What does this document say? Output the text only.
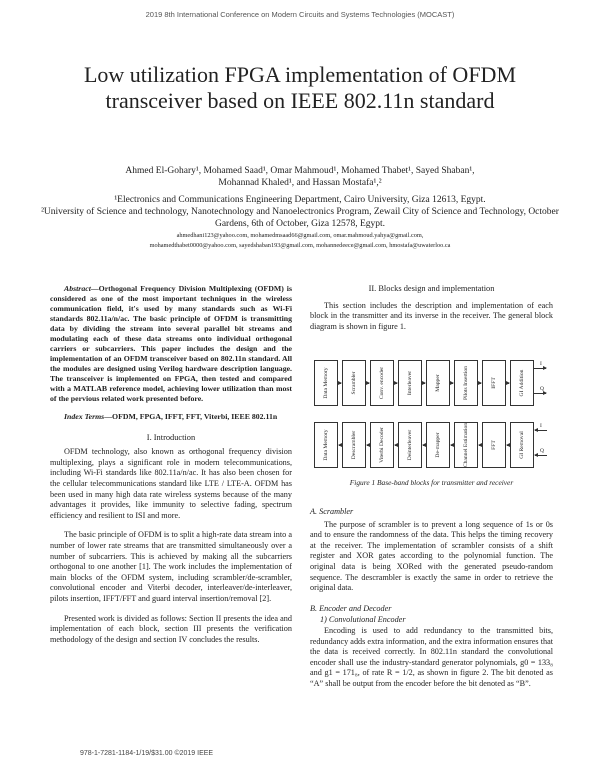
2019 8th International Conference on Modern Circuits and Systems Technologies (MOCAST)
Low utilization FPGA implementation of OFDM transceiver based on IEEE 802.11n standard
Ahmed El-Gohary¹, Mohamed Saad¹, Omar Mahmoud¹, Mohamed Thabet¹, Sayed Shaban¹,
Mohannad Khaled¹, and Hassan Mostafa¹,²
¹Electronics and Communications Engineering Department, Cairo University, Giza 12613, Egypt.
²University of Science and technology, Nanotechnology and Nanoelectronics Program, Zewail City of Science and Technology, October Gardens, 6th of October, Giza 12578, Egypt.
ahmedhani123@yahoo.com, mohamedmsaad66@gmail.com, omar.mahmoud.yahya@gmail.com,
mohamedthabet0000@yahoo.com, sayedshaban193@gmail.com, mohannedeece@gmail.com, hmostafa@uwaterloo.ca

Abstract—Orthogonal Frequency Division Multiplexing (OFDM) is considered as one of the most important techniques in the wireless communication field, it's used by many standards such as Wi-Fi standards 802.11a/n/ac. The basic principle of OFDM is transmitting data by dividing the stream into several parallel bit streams and modulating each of these data streams onto individual orthogonal carriers or subcarriers. This paper includes the design and the implementation of an OFDM transceiver based on 802.11n standard. All the modules are designed using Verilog hardware description language. The transceiver is implemented on FPGA, then tested and compared with a MATLAB reference model, achieving lower utilization than most of the pervious related work presented before.

Index Terms—OFDM, FPGA, IFFT, FFT, Viterbi, IEEE 802.11n

I. Introduction

OFDM technology, also known as orthogonal frequency division multiplexing, plays a significant role in modern telecommunications, including Wi-Fi standards like 802.11a/n/ac. It has also been chosen for the cellular telecommunications standard like LTE / LTE-A. OFDM has been used in many high data rate wireless systems because of the many advantages it provides, like immunity to selective fading, spectrum efficiency and resilient to ISI and more.

The basic principle of OFDM is to split a high-rate data stream into a number of lower rate streams that are transmitted simultaneously over a number of subcarriers. This is achieved by making all the subcarriers orthogonal to one another [1]. The work includes the implementation of main blocks of the OFDM system, including scrambler/de-scrambler, convolutional encoder and Viterbi decoder, interleaver/de-interleaver, pilots insertion, IFFT/FFT and guard interval insertion/removal [2].

Presented work is divided as follows: Section II presents the idea and implementation of each block, section III presents the verification methodology of the design and section IV concludes the results.

II. Blocks design and implementation

This section includes the description and implementation of each block in the transmitter and its inverse in the receiver. The general block diagram is shown in figure 1.

Data Memory	Scrambler	Conv. encoder	Interleaver	Mapper	Pilots Insertion	IFFT	GI Addition
Data Memory	Descrambler	Viterbi Decoder	Deinterleaver	De-mapper	Channel Estimation	FFT	GI Removal
I
Q
I
Q
Figure 1 Base-band blocks for transmitter and receiver

A. Scrambler

The purpose of scrambler is to prevent a long sequence of 1s or 0s and to ensure the randomness of the data. This helps the timing recovery at the receiver. The implementation of scrambler consists of a shift register and XOR gates according to the polynomial function. The original data is being XORed with the generated pseudo-random sequence. The descrambler is exactly the same in order to retrieve the original data.

B. Encoder and Decoder

1) Convolutional Encoder

Encoding is used to add redundancy to the transmitted bits, redundancy adds extra information, and the extra information ensures that the data is received correctly. In 802.11n standard the convolutional encoder shall use the industry-standard generator polynomials, g0 = 133₈ and g1 = 171₈, of rate R = 1/2, as shown in figure 2. The bit denoted as “A” shall be output from the encoder before the bit denoted as “B”.

978-1-7281-1184-1/19/$31.00 ©2019 IEEE
